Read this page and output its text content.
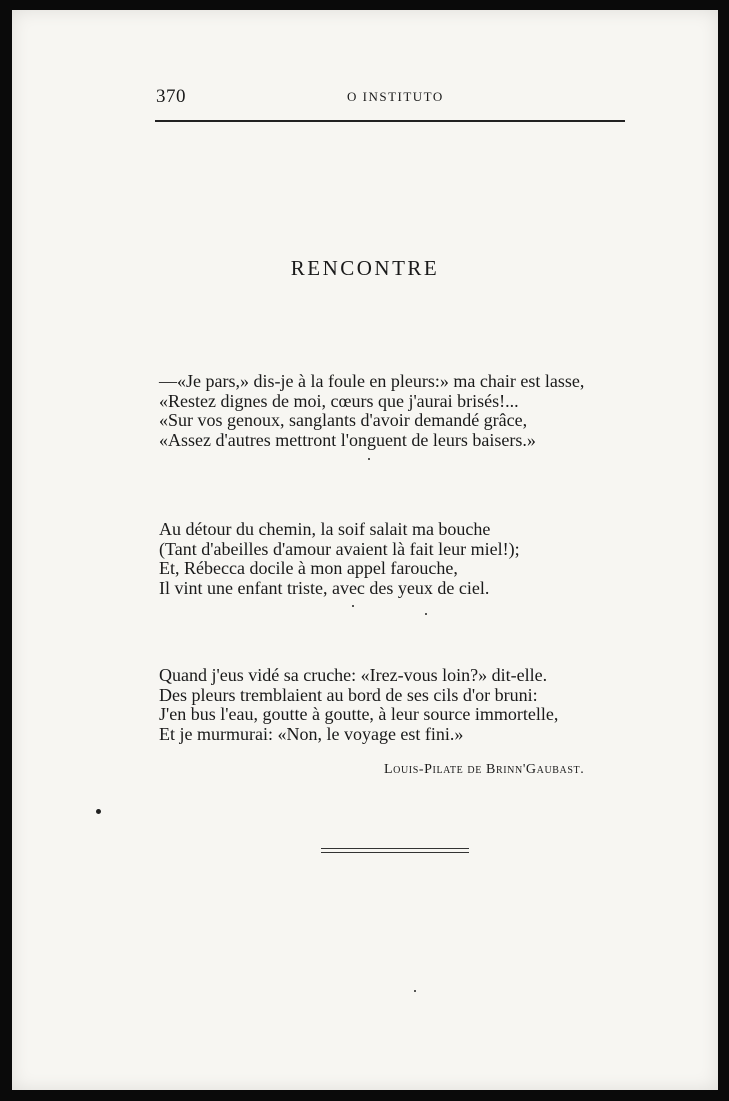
370	O INSTITUTO
RENCONTRE
—«Je pars,» dis-je à la foule en pleurs:» ma chair est lasse,
«Restez dignes de moi, cœurs que j'aurai brisés!...
«Sur vos genoux, sanglants d'avoir demandé grâce,
«Assez d'autres mettront l'onguent de leurs baisers.»
Au détour du chemin, la soif salait ma bouche
(Tant d'abeilles d'amour avaient là fait leur miel!);
Et, Rébecca docile à mon appel farouche,
Il vint une enfant triste, avec des yeux de ciel.
Quand j'eus vidé sa cruche: «Irez-vous loin?» dit-elle.
Des pleurs tremblaient au bord de ses cils d'or bruni:
J'en bus l'eau, goutte à goutte, à leur source immortelle,
Et je murmurai: «Non, le voyage est fini.»
Louis-Pilate de Brinn'Gaubast.
